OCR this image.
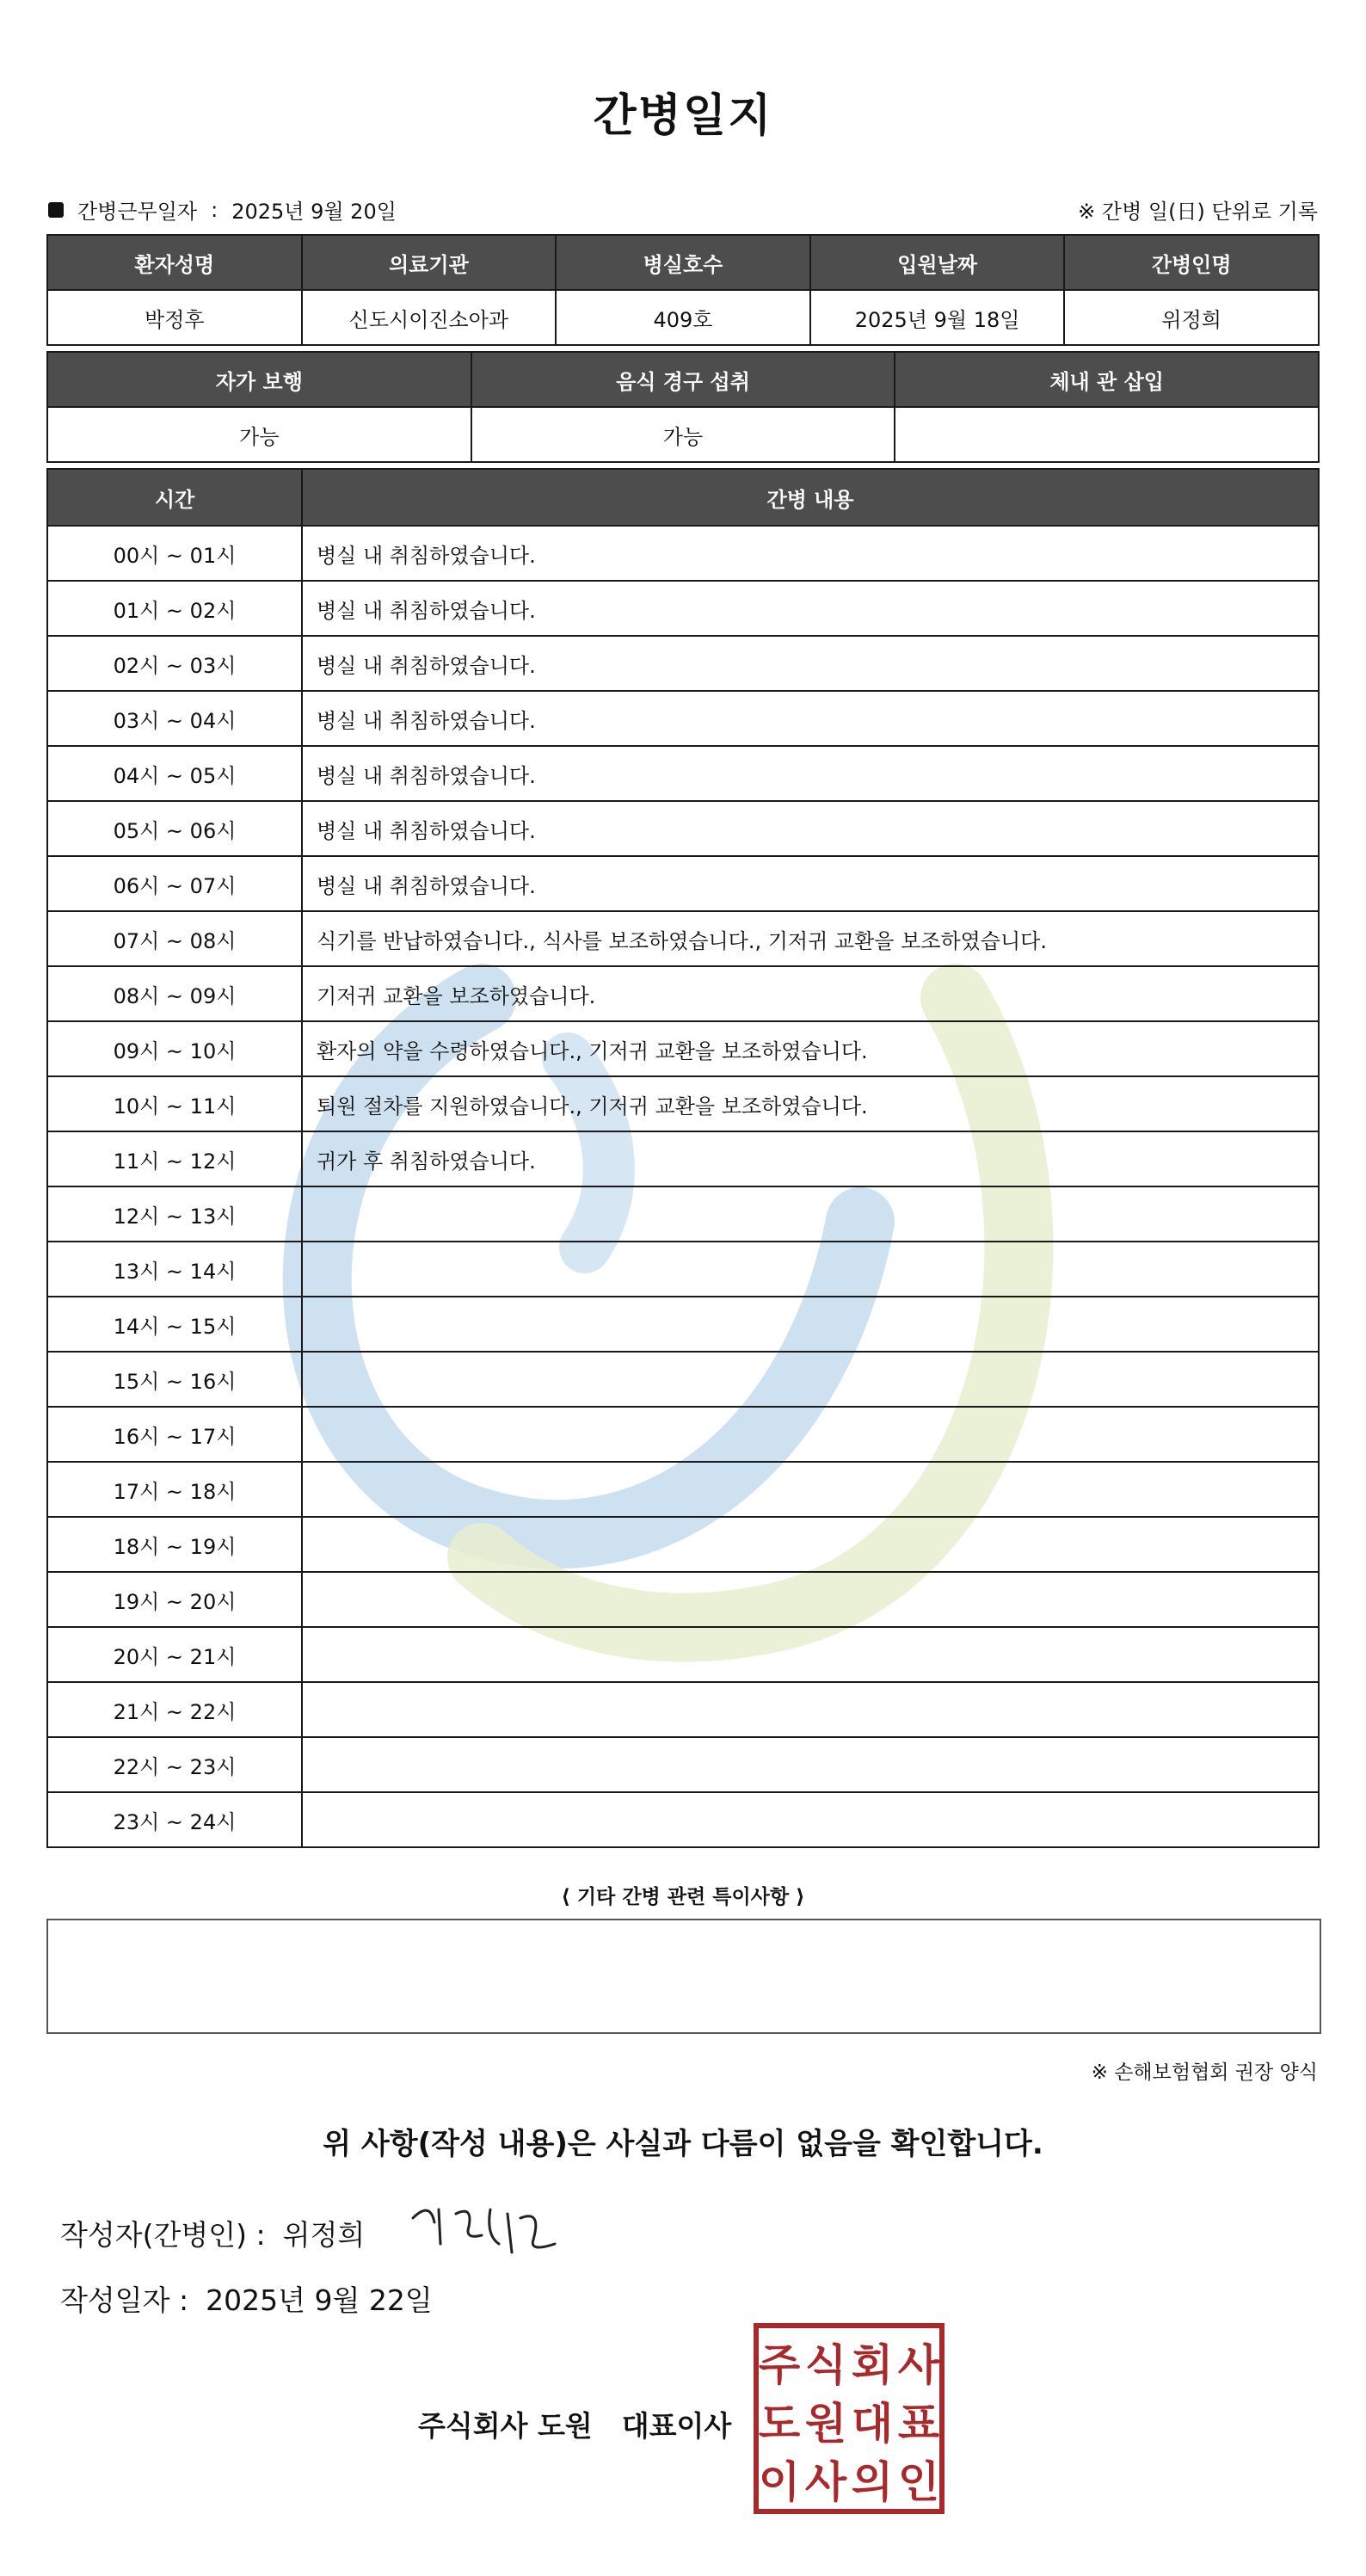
간병일지
간병근무일자 : 2025년 9월 20일	※ 간병 일(日) 단위로 기록
환자성명	의료기관	병실호수	입원날짜	간병인명
박정후	신도시이진소아과	409호	2025년 9월 18일	위정희
자가 보행	음식 경구 섭취	체내 관 삽입
가능	가능	
시간	간병 내용
00시 ~ 01시	병실 내 취침하였습니다.
01시 ~ 02시	병실 내 취침하였습니다.
02시 ~ 03시	병실 내 취침하였습니다.
03시 ~ 04시	병실 내 취침하였습니다.
04시 ~ 05시	병실 내 취침하였습니다.
05시 ~ 06시	병실 내 취침하였습니다.
06시 ~ 07시	병실 내 취침하였습니다.
07시 ~ 08시	식기를 반납하였습니다., 식사를 보조하였습니다., 기저귀 교환을 보조하였습니다.
08시 ~ 09시	기저귀 교환을 보조하였습니다.
09시 ~ 10시	환자의 약을 수령하였습니다., 기저귀 교환을 보조하였습니다.
10시 ~ 11시	퇴원 절차를 지원하였습니다., 기저귀 교환을 보조하였습니다.
11시 ~ 12시	귀가 후 취침하였습니다.
12시 ~ 13시	
13시 ~ 14시	
14시 ~ 15시	
15시 ~ 16시	
16시 ~ 17시	
17시 ~ 18시	
18시 ~ 19시	
19시 ~ 20시	
20시 ~ 21시	
21시 ~ 22시	
22시 ~ 23시	
23시 ~ 24시	
⟨ 기타 간병 관련 특이사항 ⟩
※ 손해보험협회 권장 양식
위 사항(작성 내용)은 사실과 다름이 없음을 확인합니다.
작성자(간병인) : 위정희
작성일자 : 2025년 9월 22일
주식회사 도원 대표이사
주 식 회 사
도 원 대 표
이 사 의 인
